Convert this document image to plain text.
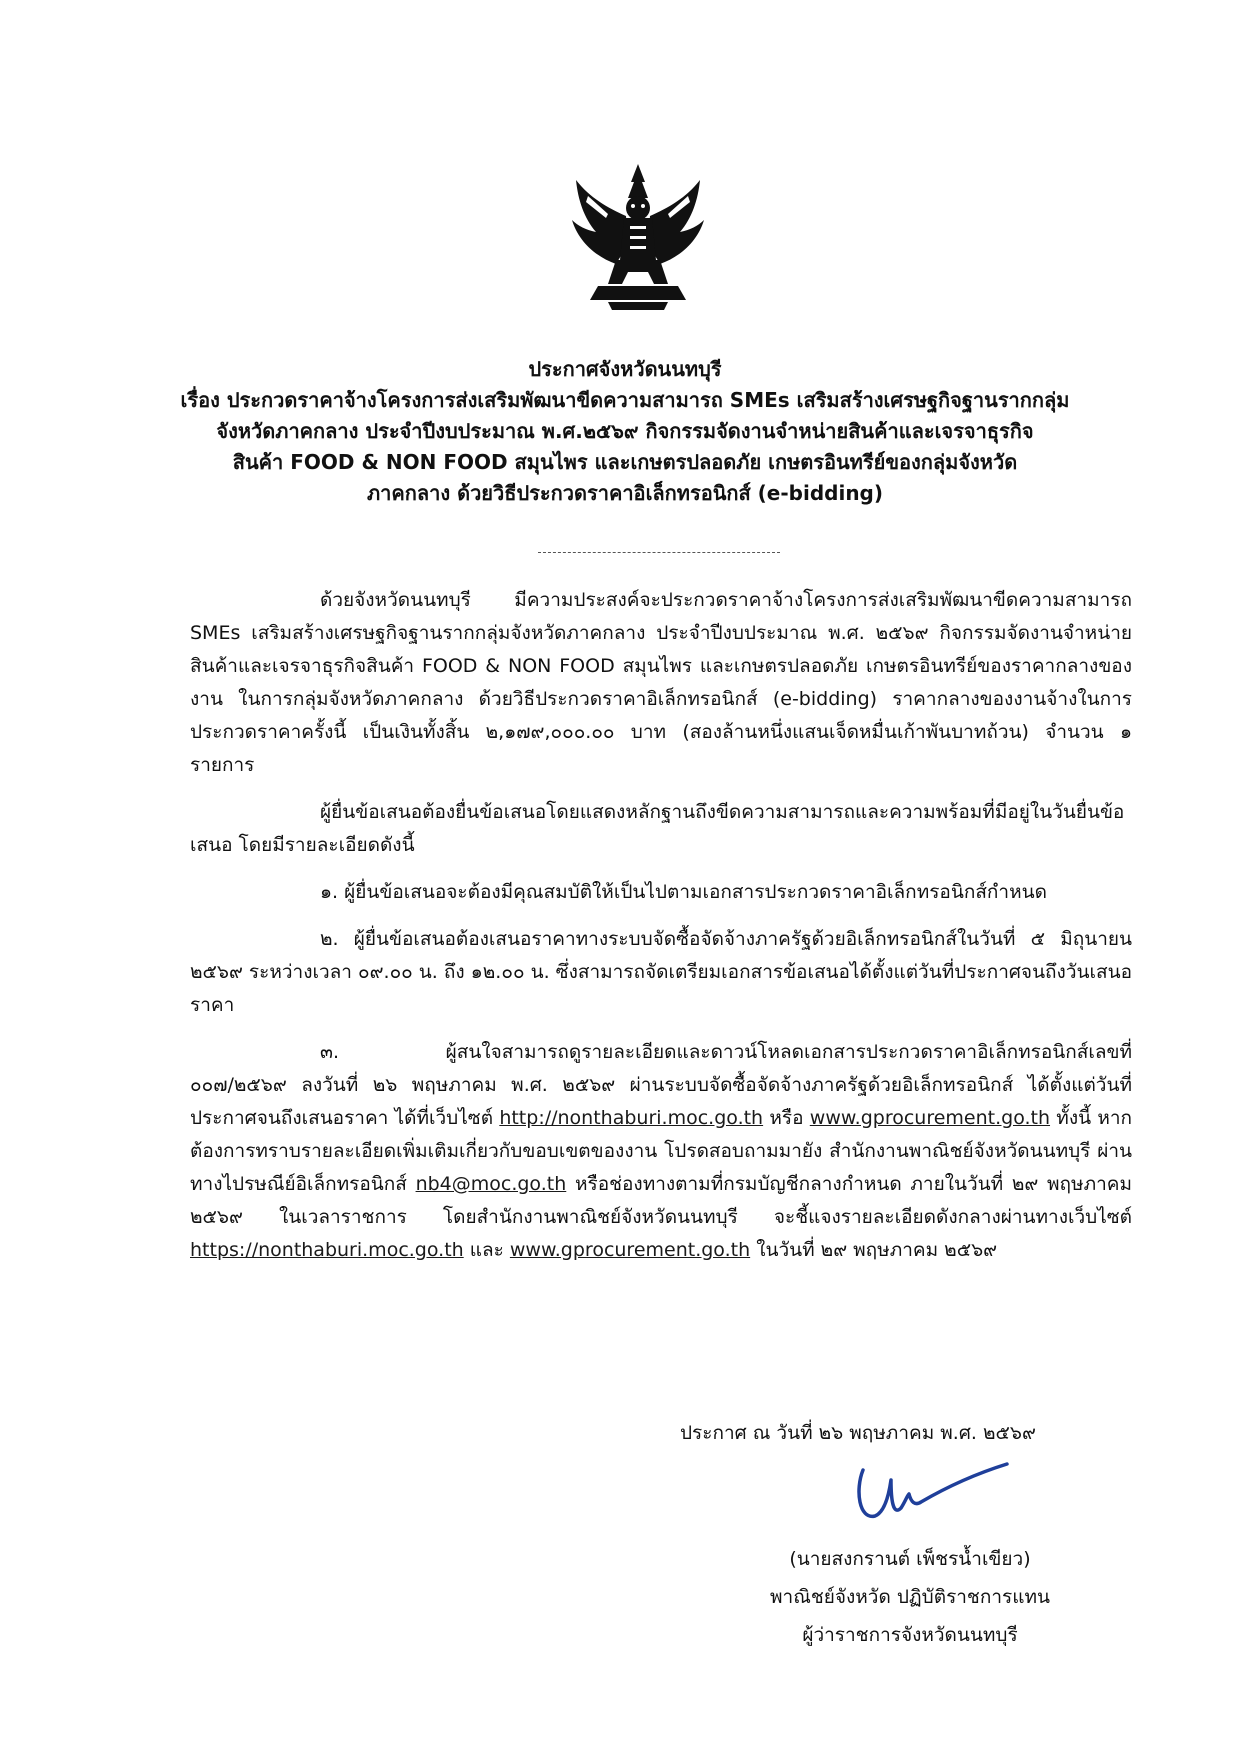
ประกาศจังหวัดนนทบุรี
เรื่อง ประกวดราคาจ้างโครงการส่งเสริมพัฒนาขีดความสามารถ SMEs เสริมสร้างเศรษฐกิจฐานรากกลุ่ม
จังหวัดภาคกลาง ประจำปีงบประมาณ พ.ศ.๒๕๖๙ กิจกรรมจัดงานจำหน่ายสินค้าและเจรจาธุรกิจ
สินค้า FOOD & NON FOOD สมุนไพร และเกษตรปลอดภัย เกษตรอินทรีย์ของกลุ่มจังหวัด
ภาคกลาง ด้วยวิธีประกวดราคาอิเล็กทรอนิกส์ (e-bidding)

ด้วยจังหวัดนนทบุรี มีความประสงค์จะประกวดราคาจ้างโครงการส่งเสริมพัฒนาขีดความสามารถ SMEs เสริมสร้างเศรษฐกิจฐานรากกลุ่มจังหวัดภาคกลาง ประจำปีงบประมาณ พ.ศ. ๒๕๖๙ กิจกรรมจัดงานจำหน่ายสินค้าและเจรจาธุรกิจสินค้า FOOD & NON FOOD สมุนไพร และเกษตรปลอดภัย เกษตรอินทรีย์ของราคากลางของงาน ในการกลุ่มจังหวัดภาคกลาง ด้วยวิธีประกวดราคาอิเล็กทรอนิกส์ (e-bidding) ราคากลางของงานจ้างในการประกวดราคาครั้งนี้ เป็นเงินทั้งสิ้น ๒,๑๗๙,๐๐๐.๐๐ บาท (สองล้านหนึ่งแสนเจ็ดหมื่นเก้าพันบาทถ้วน) จำนวน ๑ รายการ

ผู้ยื่นข้อเสนอต้องยื่นข้อเสนอโดยแสดงหลักฐานถึงขีดความสามารถและความพร้อมที่มีอยู่ในวันยื่นข้อเสนอ โดยมีรายละเอียดดังนี้

๑. ผู้ยื่นข้อเสนอจะต้องมีคุณสมบัติให้เป็นไปตามเอกสารประกวดราคาอิเล็กทรอนิกส์กำหนด

๒. ผู้ยื่นข้อเสนอต้องเสนอราคาทางระบบจัดซื้อจัดจ้างภาครัฐด้วยอิเล็กทรอนิกส์ในวันที่ ๕ มิถุนายน ๒๕๖๙ ระหว่างเวลา ๐๙.๐๐ น. ถึง ๑๒.๐๐ น. ซึ่งสามารถจัดเตรียมเอกสารข้อเสนอได้ตั้งแต่วันที่ประกาศจนถึงวันเสนอราคา

๓. ผู้สนใจสามารถดูรายละเอียดและดาวน์โหลดเอกสารประกวดราคาอิเล็กทรอนิกส์เลขที่ ๐๐๗/๒๕๖๙ ลงวันที่ ๒๖ พฤษภาคม พ.ศ. ๒๕๖๙ ผ่านระบบจัดซื้อจัดจ้างภาครัฐด้วยอิเล็กทรอนิกส์ ได้ตั้งแต่วันที่ประกาศจนถึงเสนอราคา ได้ที่เว็บไซต์ http://nonthaburi.moc.go.th หรือ www.gprocurement.go.th ทั้งนี้ หากต้องการทราบรายละเอียดเพิ่มเติมเกี่ยวกับขอบเขตของงาน โปรดสอบถามมายัง สำนักงานพาณิชย์จังหวัดนนทบุรี ผ่านทางไปรษณีย์อิเล็กทรอนิกส์ nb4@moc.go.th หรือช่องทางตามที่กรมบัญชีกลางกำหนด ภายในวันที่ ๒๙ พฤษภาคม ๒๕๖๙ ในเวลาราชการ โดยสำนักงานพาณิชย์จังหวัดนนทบุรี จะชี้แจงรายละเอียดดังกลางผ่านทางเว็บไซต์ https://nonthaburi.moc.go.th และ www.gprocurement.go.th ในวันที่ ๒๙ พฤษภาคม ๒๕๖๙

ประกาศ ณ วันที่ ๒๖ พฤษภาคม พ.ศ. ๒๕๖๙
(นายสงกรานต์ เพ็ชรน้ำเขียว)
พาณิชย์จังหวัด ปฏิบัติราชการแทน
ผู้ว่าราชการจังหวัดนนทบุรี
